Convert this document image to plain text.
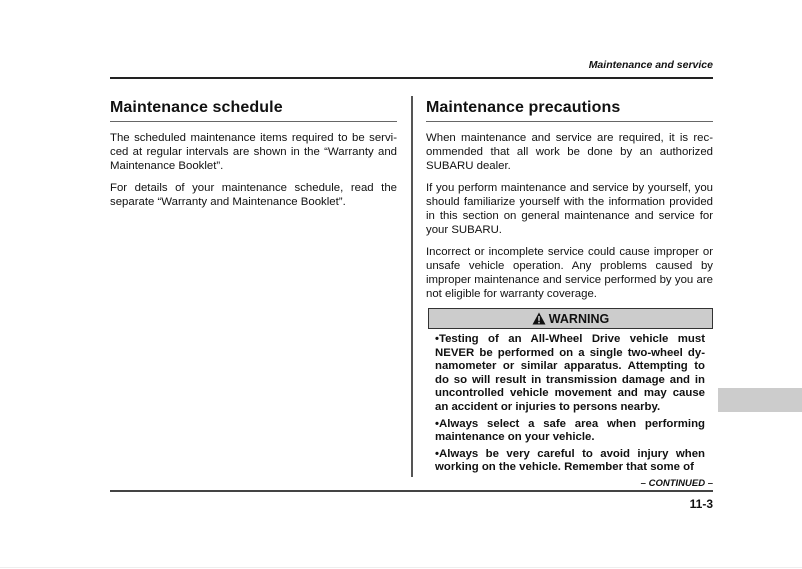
Maintenance and service
Maintenance schedule

The scheduled maintenance items required to be serviced at regular intervals are shown in the “Warranty and Maintenance Booklet”.

For details of your maintenance schedule, read the separate “Warranty and Maintenance Booklet”.

Maintenance precautions

When maintenance and service are required, it is recommended that all work be done by an authorized SUBARU dealer.

If you perform maintenance and service by yourself, you should familiarize yourself with the information provided in this section on general maintenance and service for your SUBARU.

Incorrect or incomplete service could cause improper or unsafe vehicle operation. Any problems caused by improper maintenance and service performed by you are not eligible for warranty coverage.

WARNING
•Testing of an All-Wheel Drive vehicle must NEVER be performed on a single two-wheel dynamometer or similar apparatus. Attempting to do so will result in transmission damage and in uncontrolled vehicle movement and may cause an accident or injuries to persons nearby.
•Always select a safe area when performing maintenance on your vehicle.
•Always be very careful to avoid injury when working on the vehicle. Remember that some of
– CONTINUED –
11-3
